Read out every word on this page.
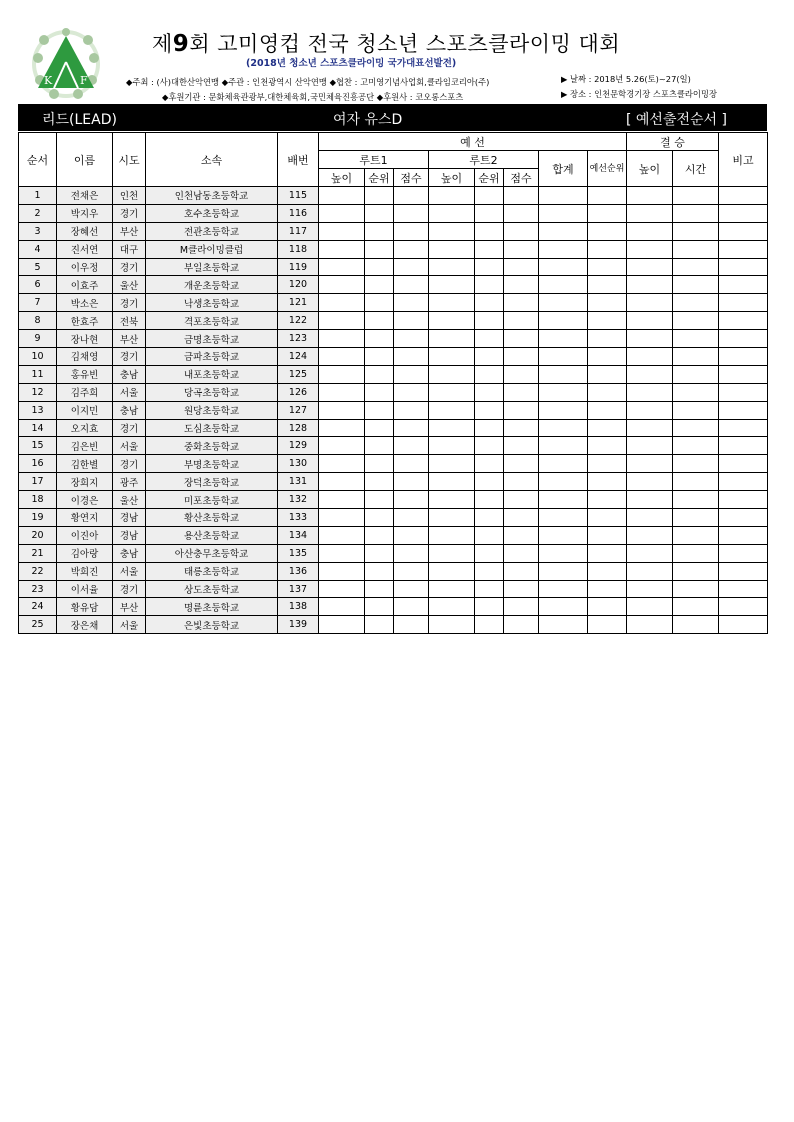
K	F
제9회 고미영컵 전국 청소년 스포츠클라이밍 대회
(2018년 청소년 스포츠클라이밍 국가대표선발전)
◆주최 : (사)대한산악연맹 ◆주관 : 인천광역시 산악연맹 ◆협찬 : 고미영기념사업회,클라임코리아(주)
◆후원기관 : 문화체육관광부,대한체육회,국민체육진흥공단 ◆후원사 : 코오롱스포츠
▶ 날짜 : 2018년 5.26(토)~27(일)
▶ 장소 : 인천문학경기장 스포츠클라이밍장
리드(LEAD)	여자 유스D	[ 예선출전순서 ]
순서	이름	시도	소속	배번	예 선								결 승		비고
					루트1			루트2			합계	예선순위	높이	시간	
					높이	순위	점수	높이	순위	점수					
1	전채은	인천	인천남동초등학교	115											
2	박지우	경기	호수초등학교	116											
3	장혜선	부산	전관초등학교	117											
4	진서연	대구	M클라이밍클럽	118											
5	이우정	경기	부일초등학교	119											
6	이효주	울산	개운초등학교	120											
7	박소은	경기	낙생초등학교	121											
8	한효주	전북	격포초등학교	122											
9	장나현	부산	금명초등학교	123											
10	김채영	경기	금파초등학교	124											
11	홍유빈	충남	내포초등학교	125											
12	김주희	서울	당곡초등학교	126											
13	이지민	충남	원당초등학교	127											
14	오지효	경기	도심초등학교	128											
15	김은빈	서울	중화초등학교	129											
16	김한별	경기	부명초등학교	130											
17	장희지	광주	장덕초등학교	131											
18	이경은	울산	미포초등학교	132											
19	황연지	경남	황산초등학교	133											
20	이진아	경남	용산초등학교	134											
21	김아랑	충남	아산충무초등학교	135											
22	박희진	서울	태릉초등학교	136											
23	이서율	경기	상도초등학교	137											
24	황유담	부산	명륜초등학교	138											
25	장은채	서울	은빛초등학교	139											
